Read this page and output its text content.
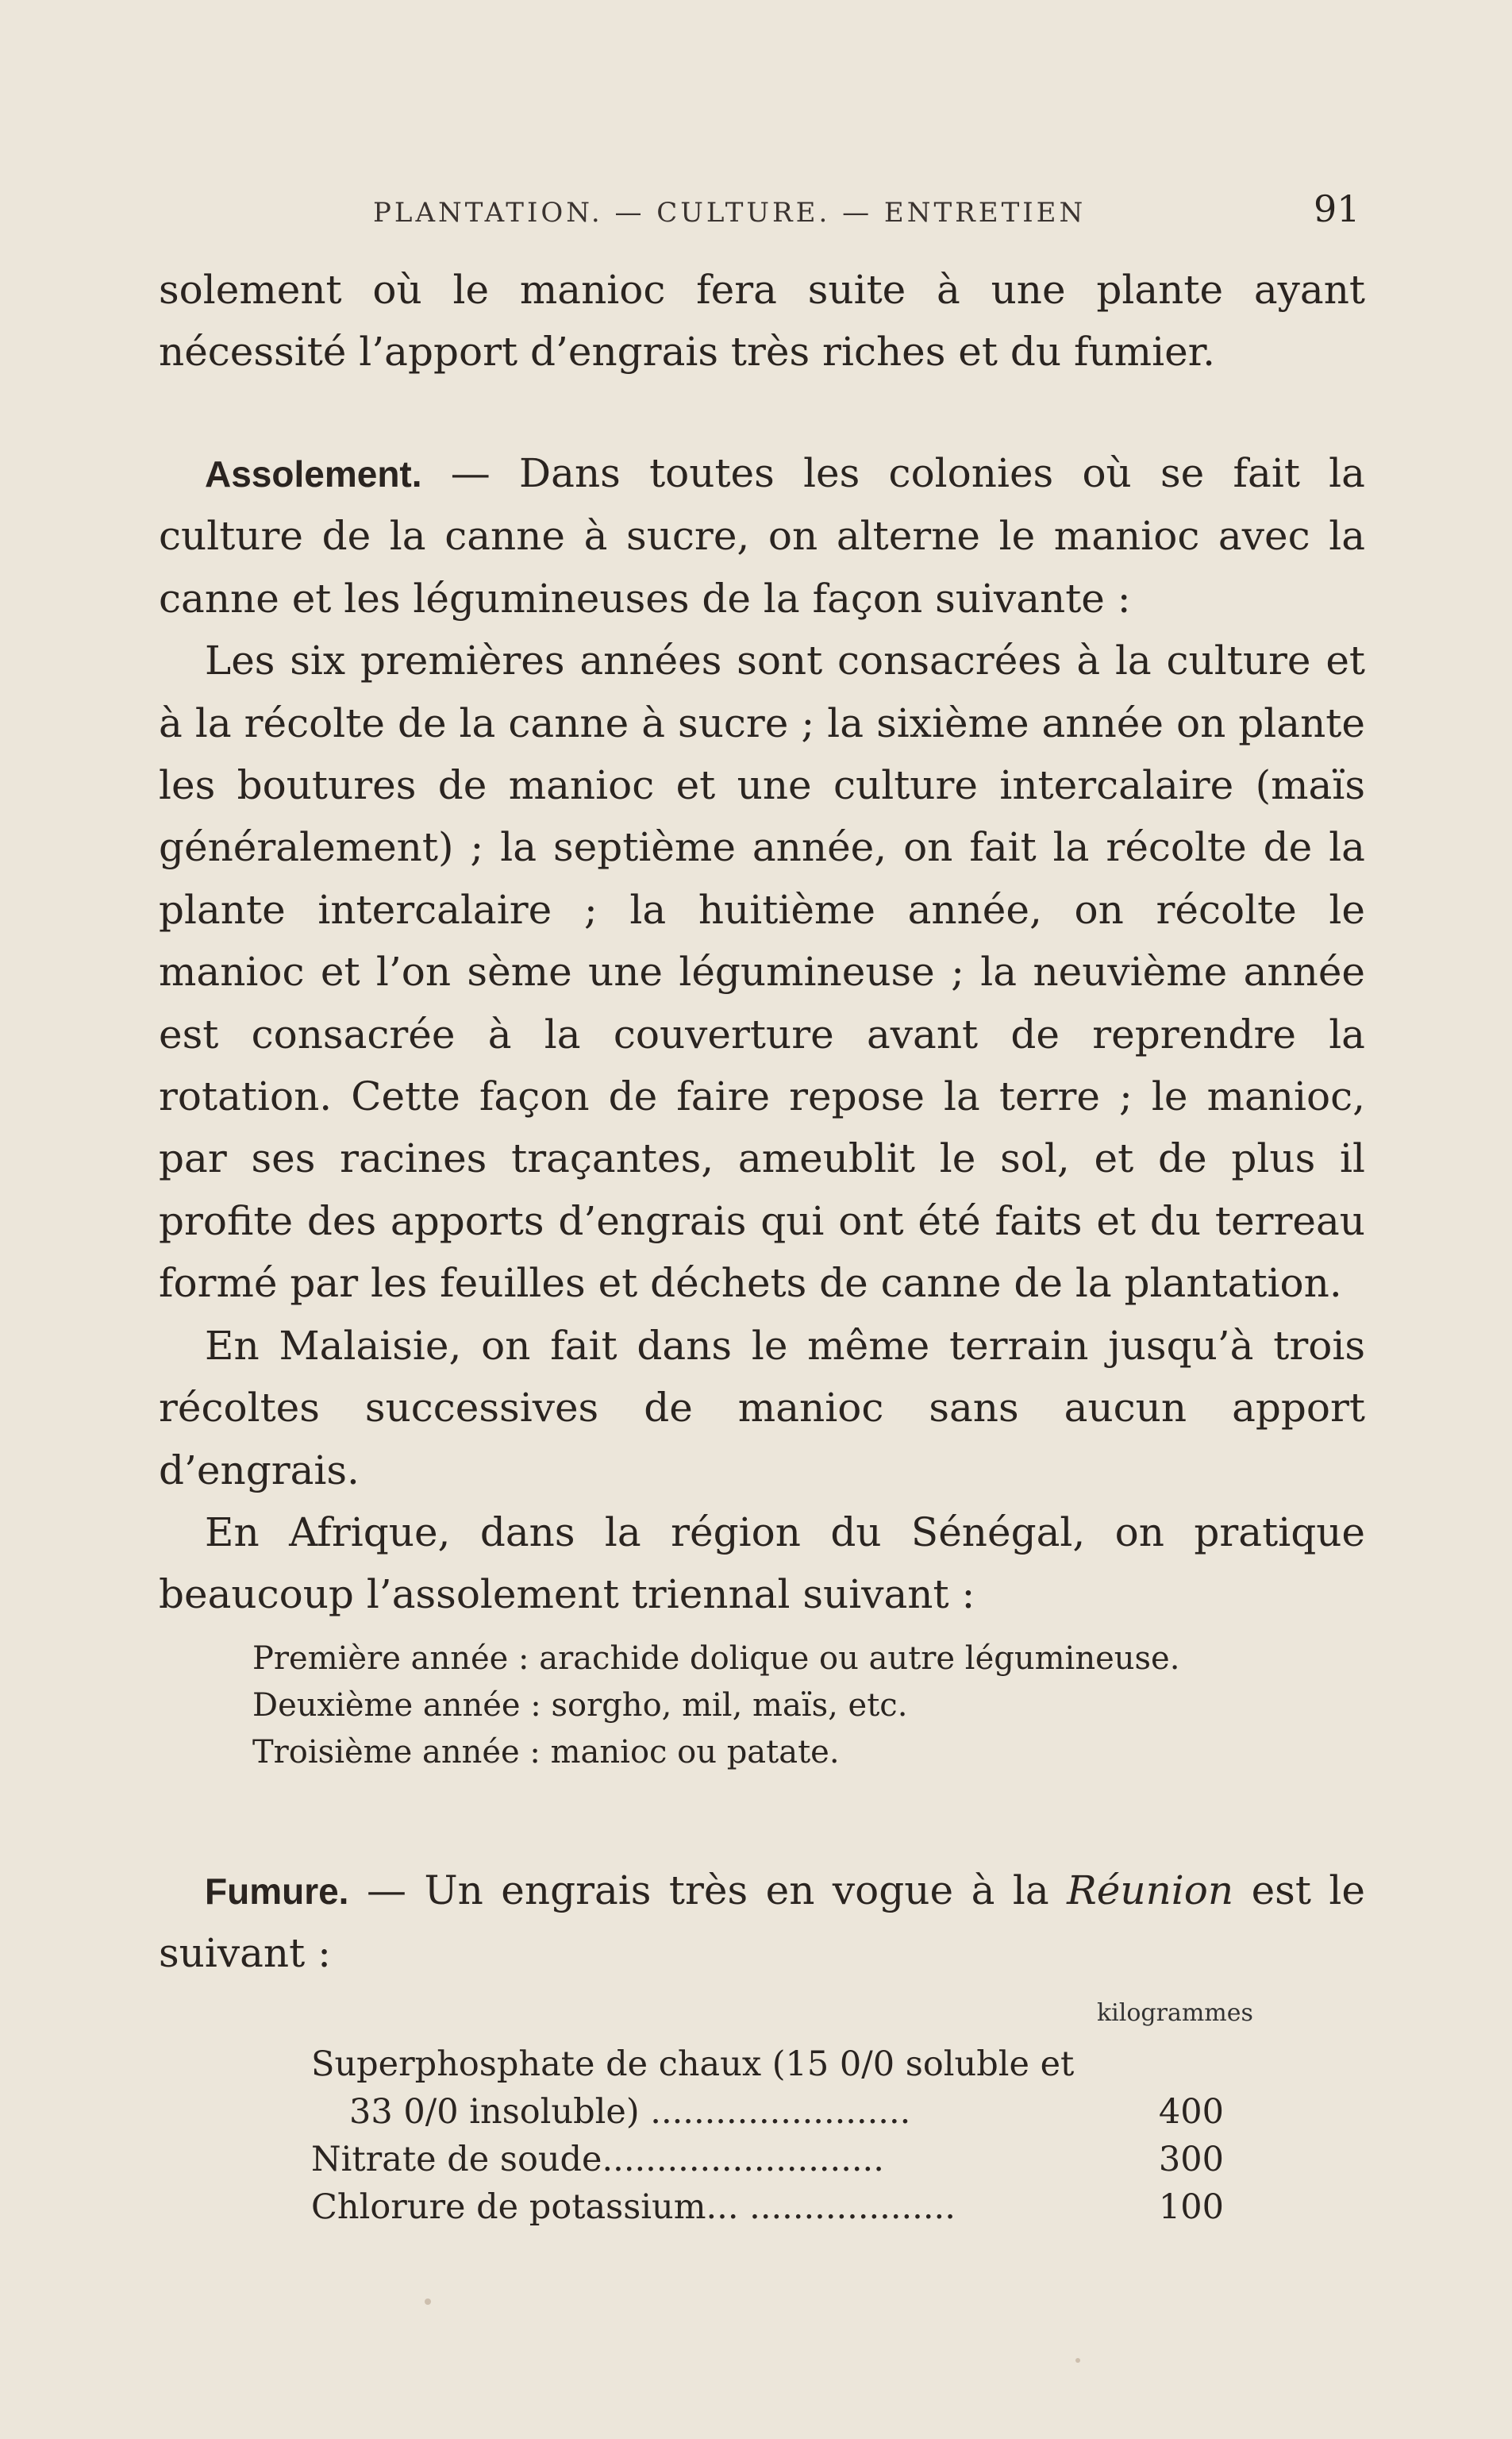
PLANTATION. — CULTURE. — ENTRETIEN	91

solement où le manioc fera suite à une plante ayant nécessité l’apport d’engrais très riches et du fumier.

Assolement. — Dans toutes les colonies où se fait la culture de la canne à sucre, on alterne le manioc avec la canne et les légumineuses de la façon suivante :

Les six premières années sont consacrées à la culture et à la récolte de la canne à sucre ; la sixième année on plante les boutures de manioc et une culture intercalaire (maïs généralement) ; la septième année, on fait la récolte de la plante intercalaire ; la huitième année, on récolte le manioc et l’on sème une légumineuse ; la neuvième année est consacrée à la couverture avant de reprendre la rotation. Cette façon de faire repose la terre ; le manioc, par ses racines traçantes, ameublit le sol, et de plus il profite des apports d’engrais qui ont été faits et du terreau formé par les feuilles et déchets de canne de la plantation.

En Malaisie, on fait dans le même terrain jusqu’à trois récoltes successives de manioc sans aucun apport d’engrais.

En Afrique, dans la région du Sénégal, on pratique beaucoup l’assolement triennal suivant :

Première année : arachide dolique ou autre légumineuse.
Deuxième année : sorgho, mil, maïs, etc.
Troisième année : manioc ou patate.

Fumure. — Un engrais très en vogue à la Réunion est le suivant :

kilogrammes
Superphosphate de chaux (15 0/0 soluble et
33 0/0 insoluble) ........................	400
Nitrate de soude..........................	300
Chlorure de potassium... ...................	100
